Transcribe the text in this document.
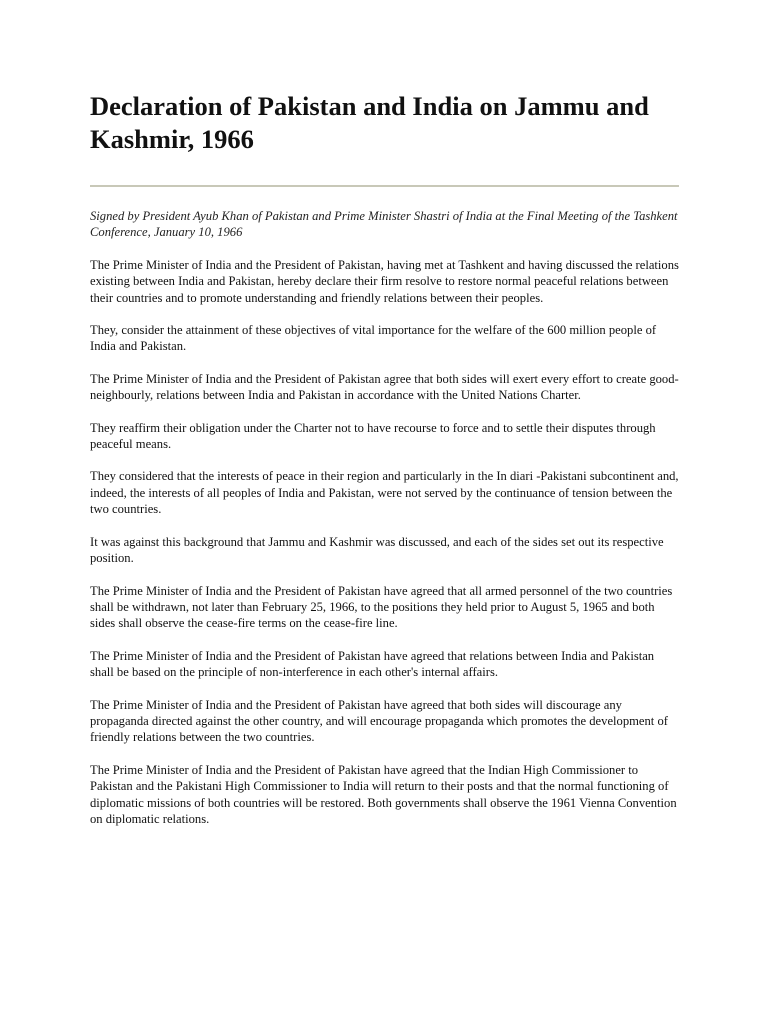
Declaration of Pakistan and India on Jammu and Kashmir, 1966

Signed by President Ayub Khan of Pakistan and Prime Minister Shastri of India at the Final Meeting of the Tashkent Conference, January 10, 1966

The Prime Minister of India and the President of Pakistan, having met at Tashkent and having discussed the relations existing between India and Pakistan, hereby declare their firm resolve to restore normal peaceful relations between their countries and to promote understanding and friendly relations between their peoples.

They, consider the attainment of these objectives of vital importance for the welfare of the 600 million people of India and Pakistan.

The Prime Minister of India and the President of Pakistan agree that both sides will exert every effort to create good-neighbourly, relations between India and Pakistan in accordance with the United Nations Charter.

They reaffirm their obligation under the Charter not to have recourse to force and to settle their disputes through peaceful means.

They considered that the interests of peace in their region and particularly in the In diari -Pakistani subcontinent and, indeed, the interests of all peoples of India and Pakistan, were not served by the continuance of tension between the two countries.

It was against this background that Jammu and Kashmir was discussed, and each of the sides set out its respective position.

The Prime Minister of India and the President of Pakistan have agreed that all armed personnel of the two countries shall be withdrawn, not later than February 25, 1966, to the positions they held prior to August 5, 1965 and both sides shall observe the cease-fire terms on the cease-fire line.

The Prime Minister of India and the President of Pakistan have agreed that relations between India and Pakistan shall be based on the principle of non-interference in each other's internal affairs.

The Prime Minister of India and the President of Pakistan have agreed that both sides will discourage any propaganda directed against the other country, and will encourage propaganda which promotes the development of friendly relations between the two countries.

The Prime Minister of India and the President of Pakistan have agreed that the Indian High Commissioner to Pakistan and the Pakistani High Commissioner to India will return to their posts and that the normal functioning of diplomatic missions of both countries will be restored. Both governments shall observe the 1961 Vienna Convention on diplomatic relations.
